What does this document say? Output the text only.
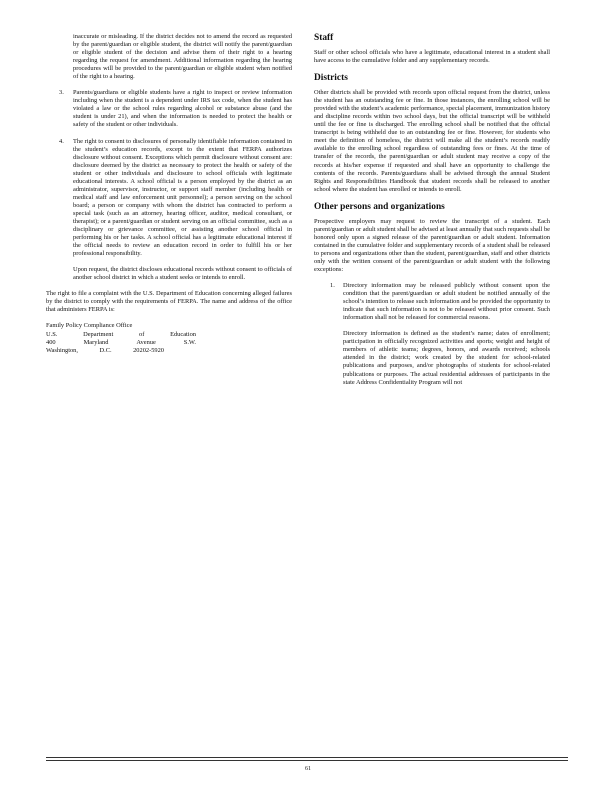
inaccurate or misleading. If the district decides not to amend the record as requested by the parent/guardian or eligible student, the district will notify the parent/guardian or eligible student of the decision and advise them of their right to a hearing regarding the request for amendment. Additional information regarding the hearing procedures will be provided to the parent/guardian or eligible student when notified of the right to a hearing.

3. Parents/guardians or eligible students have a right to inspect or review information including when the student is a dependent under IRS tax code, when the student has violated a law or the school rules regarding alcohol or substance abuse (and the student is under 21), and when the information is needed to protect the health or safety of the student or other individuals.

4. The right to consent to disclosures of personally identifiable information contained in the student’s education records, except to the extent that FERPA authorizes disclosure without consent. Exceptions which permit disclosure without consent are: disclosure deemed by the district as necessary to protect the health or safety of the student or other individuals and disclosure to school officials with legitimate educational interests. A school official is a person employed by the district as an administrator, supervisor, instructor, or support staff member (including health or medical staff and law enforcement unit personnel); a person serving on the school board; a person or company with whom the district has contracted to perform a special task (such as an attorney, hearing officer, auditor, medical consultant, or therapist); or a parent/guardian or student serving on an official committee, such as a disciplinary or grievance committee, or assisting another school official in performing his or her tasks. A school official has a legitimate educational interest if the official needs to review an education record in order to fulfill his or her professional responsibility.

Upon request, the district discloses educational records without consent to officials of another school district in which a student seeks or intends to enroll.

The right to file a complaint with the U.S. Department of Education concerning alleged failures by the district to comply with the requirements of FERPA. The name and address of the office that administers FERPA is:

Family Policy Compliance Office
U.S.	Department	of	Education
400	Maryland	Avenue	S.W.
Washington,	D.C.	20202-5920
Staff

Staff or other school officials who have a legitimate, educational interest in a student shall have access to the cumulative folder and any supplementary records.

Districts

Other districts shall be provided with records upon official request from the district, unless the student has an outstanding fee or fine. In those instances, the enrolling school will be provided with the student’s academic performance, special placement, immunization history and discipline records within two school days, but the official transcript will be withheld until the fee or fine is discharged. The enrolling school shall be notified that the official transcript is being withheld due to an outstanding fee or fine. However, for students who meet the definition of homeless, the district will make all the student’s records readily available to the enrolling school regardless of outstanding fees or fines. At the time of transfer of the records, the parent/guardian or adult student may receive a copy of the records at his/her expense if requested and shall have an opportunity to challenge the contents of the records. Parents/guardians shall be advised through the annual Student Rights and Responsibilities Handbook that student records shall be released to another school where the student has enrolled or intends to enroll.

Other persons and organizations

Prospective employers may request to review the transcript of a student. Each parent/guardian or adult student shall be advised at least annually that such requests shall be honored only upon a signed release of the parent/guardian or adult student. Information contained in the cumulative folder and supplementary records of a student shall be released to persons and organizations other than the student, parent/guardian, staff and other districts only with the written consent of the parent/guardian or adult student with the following exceptions:

1. Directory information may be released publicly without consent upon the condition that the parent/guardian or adult student be notified annually of the school’s intention to release such information and be provided the opportunity to indicate that such information is not to be released without prior consent. Such information shall not be released for commercial reasons.

Directory information is defined as the student’s name; dates of enrollment; participation in officially recognized activities and sports; weight and height of members of athletic teams; degrees, honors, and awards received; schools attended in the district; work created by the student for school-related publications and purposes, and/or photographs of students for school-related publications or purposes. The actual residential addresses of participants in the state Address Confidentiality Program will not

61
